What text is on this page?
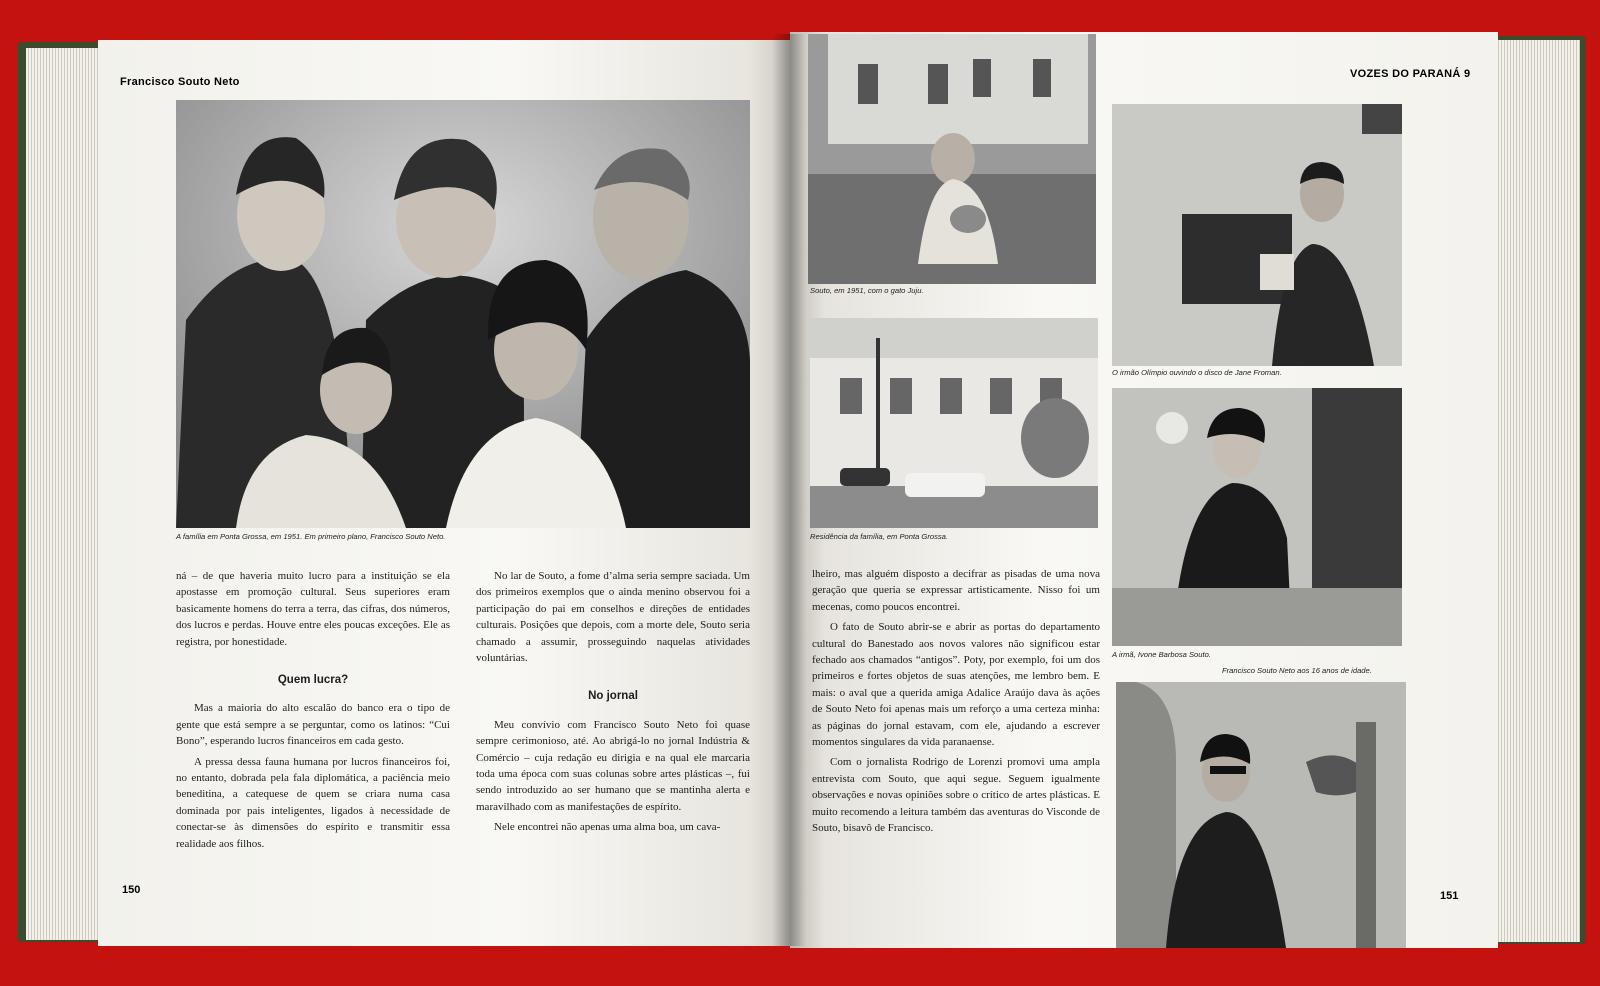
Francisco Souto Neto
A família em Ponta Grossa, em 1951. Em primeiro plano, Francisco Souto Neto.

ná – de que haveria muito lucro para a instituição se ela apostasse em promoção cultural. Seus superiores eram basicamente homens do terra a terra, das cifras, dos números, dos lucros e perdas. Houve entre eles poucas exceções. Ele as registra, por honestidade.

Quem lucra?

Mas a maioria do alto escalão do banco era o tipo de gente que está sempre a se perguntar, como os latinos: “Cui Bono”, esperando lucros financeiros em cada gesto.

A pressa dessa fauna humana por lucros financeiros foi, no entanto, dobrada pela fala diplomática, a paciência meio beneditina, a catequese de quem se criara numa casa dominada por pais inteligentes, ligados à necessidade de conectar-se às dimensões do espírito e transmitir essa realidade aos filhos.

No lar de Souto, a fome d’alma seria sempre saciada. Um dos primeiros exemplos que o ainda menino observou foi a participação do pai em conselhos e direções de entidades culturais. Posições que depois, com a morte dele, Souto seria chamado a assumir, prosseguindo naquelas atividades voluntárias.

No jornal

Meu convívio com Francisco Souto Neto foi quase sempre cerimonioso, até. Ao abrigá-lo no jornal Indústria & Comércio – cuja redação eu dirigia e na qual ele marcaria toda uma época com suas colunas sobre artes plásticas –, fui sendo introduzido ao ser humano que se mantinha alerta e maravilhado com as manifestações de espírito.

Nele encontrei não apenas uma alma boa, um cava-

150
VOZES DO PARANÁ 9
Souto, em 1951, com o gato Juju.
O irmão Olímpio ouvindo o disco de Jane Froman.
Residência da família, em Ponta Grossa.
A irmã, Ivone Barbosa Souto.
Francisco Souto Neto aos 16 anos de idade.

lheiro, mas alguém disposto a decifrar as pisadas de uma nova geração que queria se expressar artisticamente. Nisso foi um mecenas, como poucos encontrei.

O fato de Souto abrir-se e abrir as portas do departamento cultural do Banestado aos novos valores não significou estar fechado aos chamados “antigos”. Poty, por exemplo, foi um dos primeiros e fortes objetos de suas atenções, me lembro bem. E mais: o aval que a querida amiga Adalice Araújo dava às ações de Souto Neto foi apenas mais um reforço a uma certeza minha: as páginas do jornal estavam, com ele, ajudando a escrever momentos singulares da vida paranaense.

Com o jornalista Rodrigo de Lorenzi promovi uma ampla entrevista com Souto, que aqui segue. Seguem igualmente observações e novas opiniões sobre o crítico de artes plásticas. E muito recomendo a leitura também das aventuras do Visconde de Souto, bisavô de Francisco.

151
